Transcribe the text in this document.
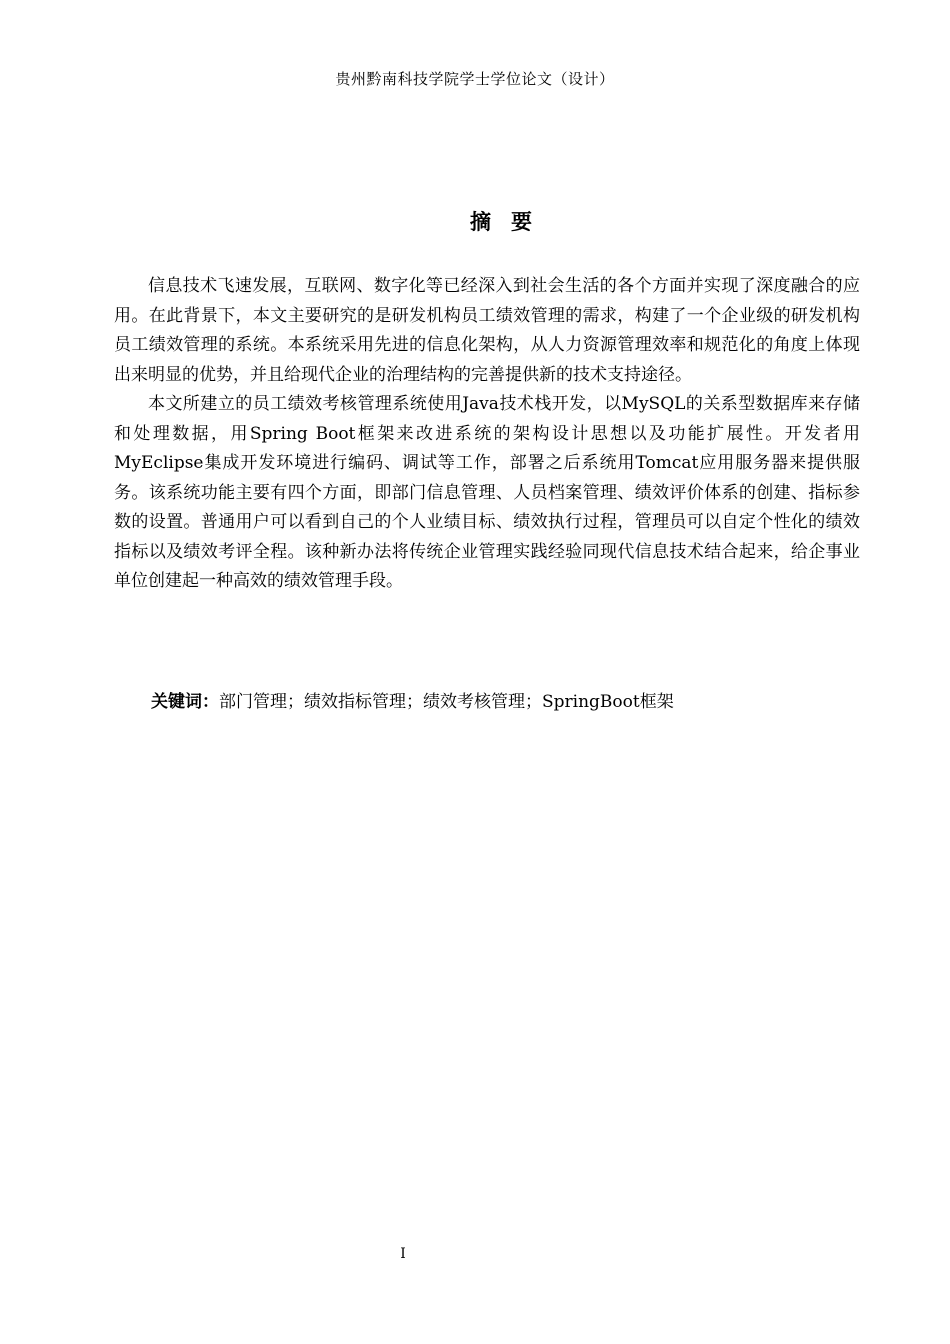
贵州黔南科技学院学士学位论文（设计）
摘要

信息技术飞速发展，互联网、数字化等已经深入到社会生活的各个方面并实现了深度融合的应用。在此背景下，本文主要研究的是研发机构员工绩效管理的需求，构建了一个企业级的研发机构员工绩效管理的系统。本系统采用先进的信息化架构，从人力资源管理效率和规范化的角度上体现出来明显的优势，并且给现代企业的治理结构的完善提供新的技术支持途径。

本文所建立的员工绩效考核管理系统使用Java技术栈开发，以MySQL的关系型数据库来存储和处理数据，用Spring Boot框架来改进系统的架构设计思想以及功能扩展性。开发者用MyEclipse集成开发环境进行编码、调试等工作，部署之后系统用Tomcat应用服务器来提供服务。该系统功能主要有四个方面，即部门信息管理、人员档案管理、绩效评价体系的创建、指标参数的设置。普通用户可以看到自己的个人业绩目标、绩效执行过程，管理员可以自定个性化的绩效指标以及绩效考评全程。该种新办法将传统企业管理实践经验同现代信息技术结合起来，给企事业单位创建起一种高效的绩效管理手段。

关键词：部门管理；绩效指标管理；绩效考核管理；SpringBoot框架
I
